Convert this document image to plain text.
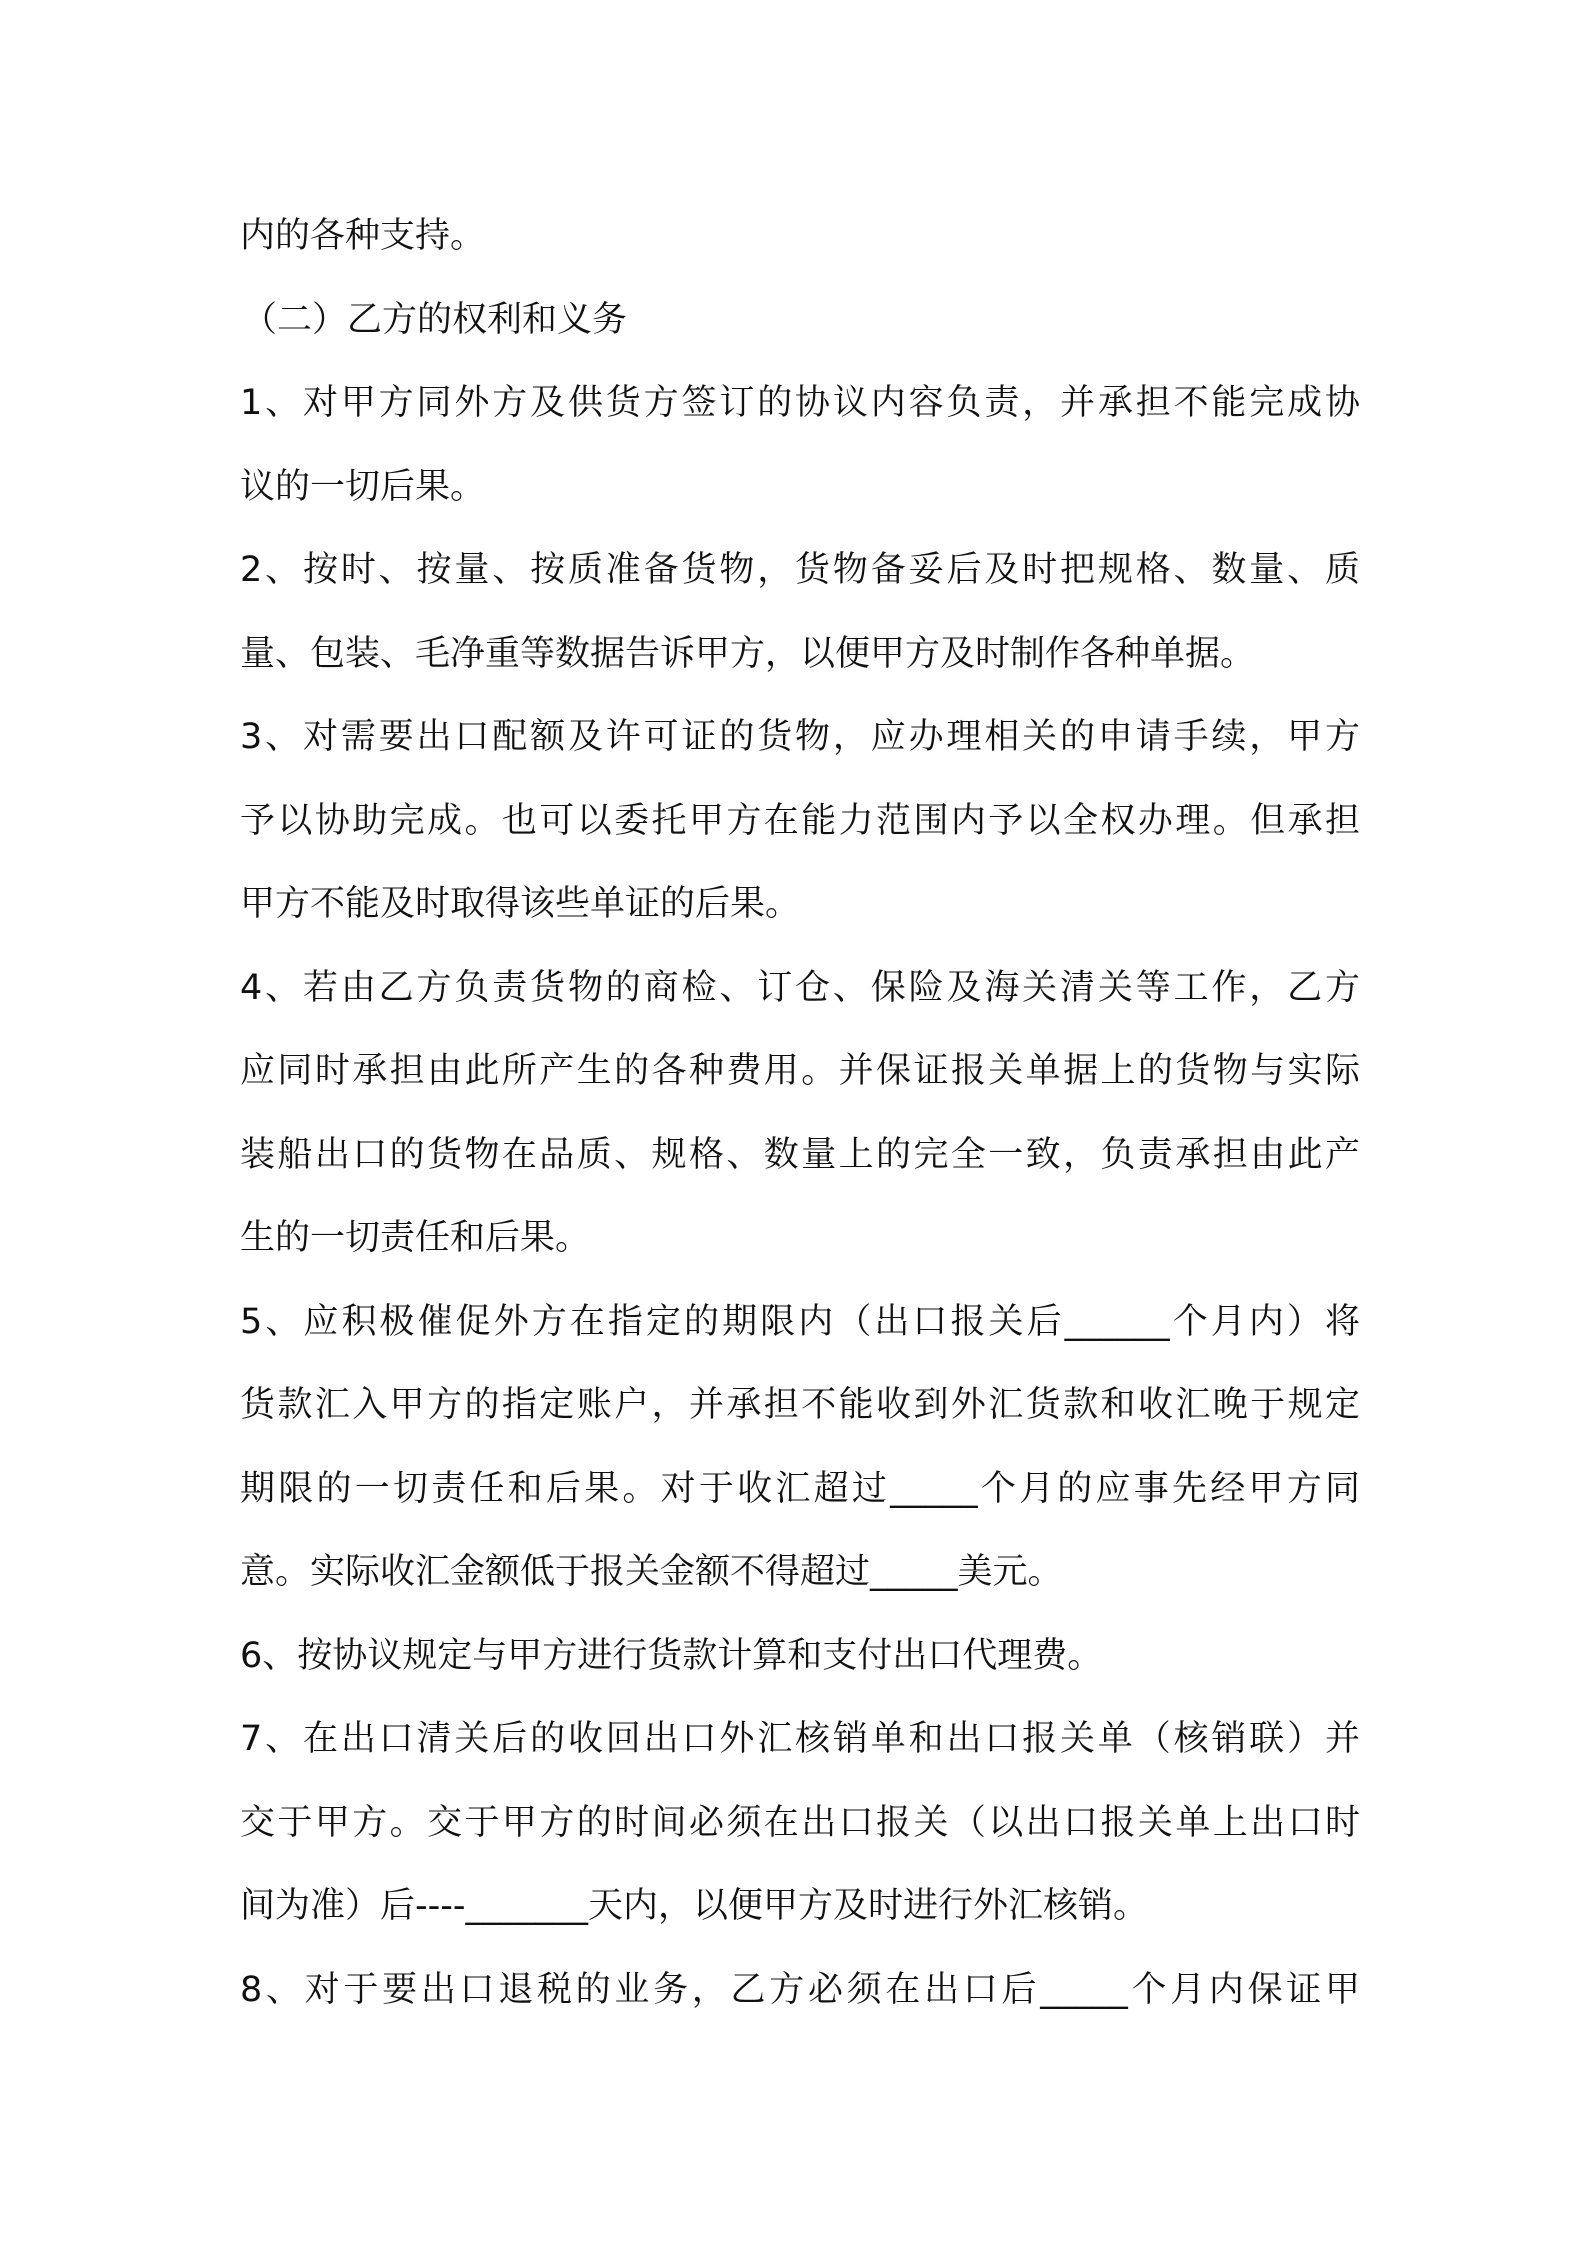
内的各种支持。
（二）乙方的权利和义务
1、对甲方同外方及供货方签订的协议内容负责，并承担不能完成协
议的一切后果。
2、按时、按量、按质准备货物，货物备妥后及时把规格、数量、质
量、包装、毛净重等数据告诉甲方，以便甲方及时制作各种单据。
3、对需要出口配额及许可证的货物，应办理相关的申请手续，甲方
予以协助完成。也可以委托甲方在能力范围内予以全权办理。但承担
甲方不能及时取得该些单证的后果。
4、若由乙方负责货物的商检、订仓、保险及海关清关等工作，乙方
应同时承担由此所产生的各种费用。并保证报关单据上的货物与实际
装船出口的货物在品质、规格、数量上的完全一致，负责承担由此产
生的一切责任和后果。
5、应积极催促外方在指定的期限内（出口报关后______个月内）将
货款汇入甲方的指定账户，并承担不能收到外汇货款和收汇晚于规定
期限的一切责任和后果。对于收汇超过_____个月的应事先经甲方同
意。实际收汇金额低于报关金额不得超过_____美元。
6、按协议规定与甲方进行货款计算和支付出口代理费。
7、在出口清关后的收回出口外汇核销单和出口报关单（核销联）并
交于甲方。交于甲方的时间必须在出口报关（以出口报关单上出口时
间为准）后----_______天内，以便甲方及时进行外汇核销。
8、对于要出口退税的业务，乙方必须在出口后_____个月内保证甲
